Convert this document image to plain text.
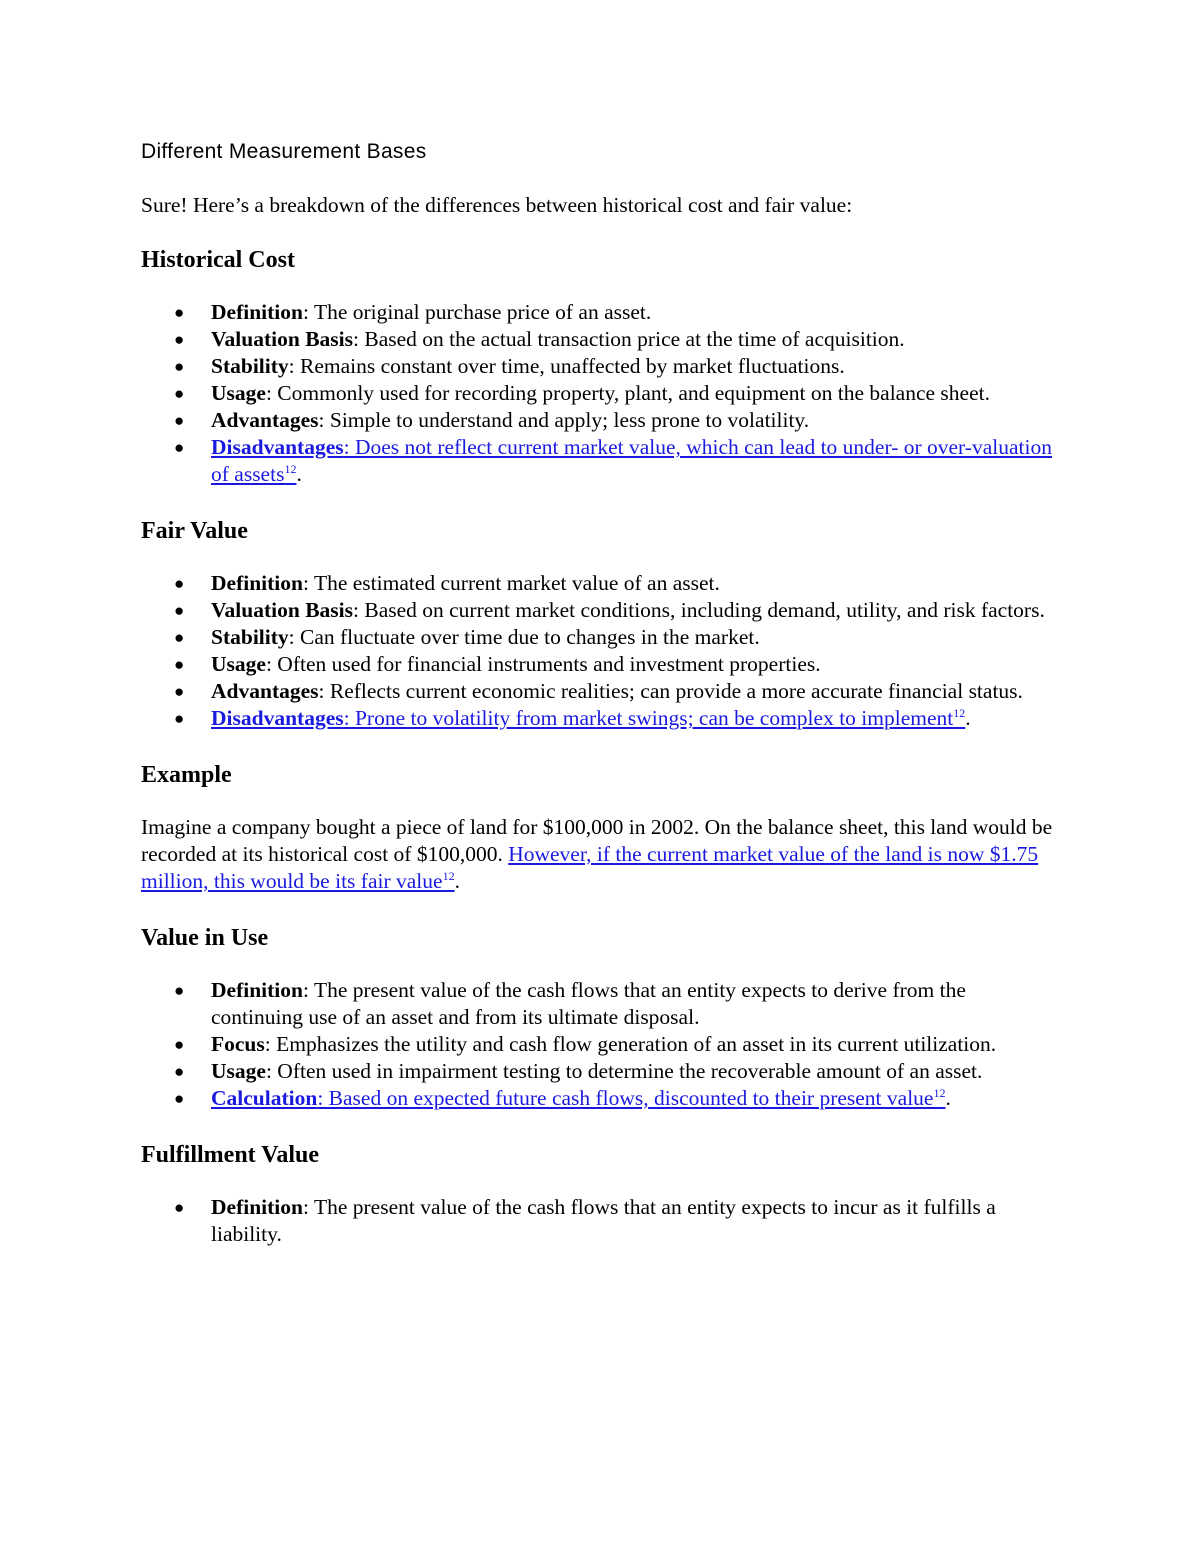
Different Measurement Bases

Sure! Here’s a breakdown of the differences between historical cost and fair value:

Historical Cost
● Definition: The original purchase price of an asset.
● Valuation Basis: Based on the actual transaction price at the time of acquisition.
● Stability: Remains constant over time, unaffected by market fluctuations.
● Usage: Commonly used for recording property, plant, and equipment on the balance sheet.
● Advantages: Simple to understand and apply; less prone to volatility.
● Disadvantages: Does not reflect current market value, which can lead to under- or over-valuation of assets$^{12}$.
Fair Value
● Definition: The estimated current market value of an asset.
● Valuation Basis: Based on current market conditions, including demand, utility, and risk factors.
● Stability: Can fluctuate over time due to changes in the market.
● Usage: Often used for financial instruments and investment properties.
● Advantages: Reflects current economic realities; can provide a more accurate financial status.
● Disadvantages: Prone to volatility from market swings; can be complex to implement$^{12}$.
Example

Imagine a company bought a piece of land for $100,000 in 2002. On the balance sheet, this land would be recorded at its historical cost of $100,000. However, if the current market value of the land is now $1.75 million, this would be its fair value$^{12}$.

Value in Use
● Definition: The present value of the cash flows that an entity expects to derive from the continuing use of an asset and from its ultimate disposal.
● Focus: Emphasizes the utility and cash flow generation of an asset in its current utilization.
● Usage: Often used in impairment testing to determine the recoverable amount of an asset.
● Calculation: Based on expected future cash flows, discounted to their present value$^{12}$.
Fulfillment Value
● Definition: The present value of the cash flows that an entity expects to incur as it fulfills a liability.
